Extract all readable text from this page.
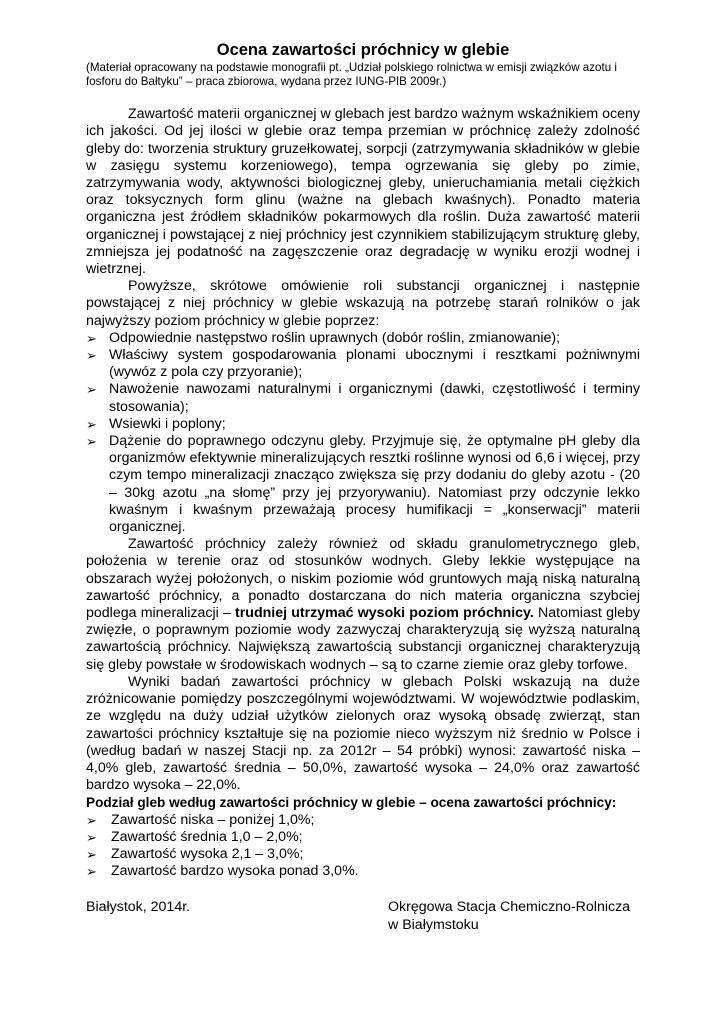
Ocena zawartości próchnicy w glebie
(Materiał opracowany na podstawie monografii pt. „Udział polskiego rolnictwa w emisji związków azotu i fosforu do Bałtyku” – praca zbiorowa, wydana przez IUNG-PIB 2009r.)

Zawartość materii organicznej w glebach jest bardzo ważnym wskaźnikiem oceny ich jakości. Od jej ilości w glebie oraz tempa przemian w próchnicę zależy zdolność gleby do: tworzenia struktury gruzełkowatej, sorpcji (zatrzymywania składników w glebie w zasięgu systemu korzeniowego), tempa ogrzewania się gleby po zimie, zatrzymywania wody, aktywności biologicznej gleby, unieruchamiania metali ciężkich oraz toksycznych form glinu (ważne na glebach kwaśnych). Ponadto materia organiczna jest źródłem składników pokarmowych dla roślin. Duża zawartość materii organicznej i powstającej z niej próchnicy jest czynnikiem stabilizującym strukturę gleby, zmniejsza jej podatność na zagęszczenie oraz degradację w wyniku erozji wodnej i wietrznej.

Powyższe, skrótowe omówienie roli substancji organicznej i następnie powstającej z niej próchnicy w glebie wskazują na potrzebę starań rolników o jak najwyższy poziom próchnicy w glebie poprzez:

➢ Odpowiednie następstwo roślin uprawnych (dobór roślin, zmianowanie);
➢ Właściwy system gospodarowania plonami ubocznymi i resztkami pożniwnymi (wywóz z pola czy przyoranie);
➢ Nawożenie nawozami naturalnymi i organicznymi (dawki, częstotliwość i terminy stosowania);
➢ Wsiewki i poplony;
➢ Dążenie do poprawnego odczynu gleby. Przyjmuje się, że optymalne pH gleby dla organizmów efektywnie mineralizujących resztki roślinne wynosi od 6,6 i więcej, przy czym tempo mineralizacji znacząco zwiększa się przy dodaniu do gleby azotu - (20 – 30kg azotu „na słomę” przy jej przyorywaniu). Natomiast przy odczynie lekko kwaśnym i kwaśnym przeważają procesy humifikacji = „konserwacji” materii organicznej.

Zawartość próchnicy zależy również od składu granulometrycznego gleb, położenia w terenie oraz od stosunków wodnych. Gleby lekkie występujące na obszarach wyżej położonych, o niskim poziomie wód gruntowych mają niską naturalną zawartość próchnicy, a ponadto dostarczana do nich materia organiczna szybciej podlega mineralizacji – trudniej utrzymać wysoki poziom próchnicy. Natomiast gleby zwięzłe, o poprawnym poziomie wody zazwyczaj charakteryzują się wyższą naturalną zawartością próchnicy. Największą zawartością substancji organicznej charakteryzują się gleby powstałe w środowiskach wodnych – są to czarne ziemie oraz gleby torfowe.

Wyniki badań zawartości próchnicy w glebach Polski wskazują na duże zróżnicowanie pomiędzy poszczególnymi województwami. W województwie podlaskim, ze względu na duży udział użytków zielonych oraz wysoką obsadę zwierząt, stan zawartości próchnicy kształtuje się na poziomie nieco wyższym niż średnio w Polsce i (według badań w naszej Stacji np. za 2012r – 54 próbki) wynosi: zawartość niska – 4,0% gleb, zawartość średnia – 50,0%, zawartość wysoka – 24,0% oraz zawartość bardzo wysoka – 22,0%.

Podział gleb według zawartości próchnicy w glebie – ocena zawartości próchnicy:
➢ Zawartość niska – poniżej 1,0%;
➢ Zawartość średnia 1,0 – 2,0%;
➢ Zawartość wysoka 2,1 – 3,0%;
➢ Zawartość bardzo wysoka ponad 3,0%.
Białystok, 2014r.	Okręgowa Stacja Chemiczno-Rolnicza
w Białymstoku
